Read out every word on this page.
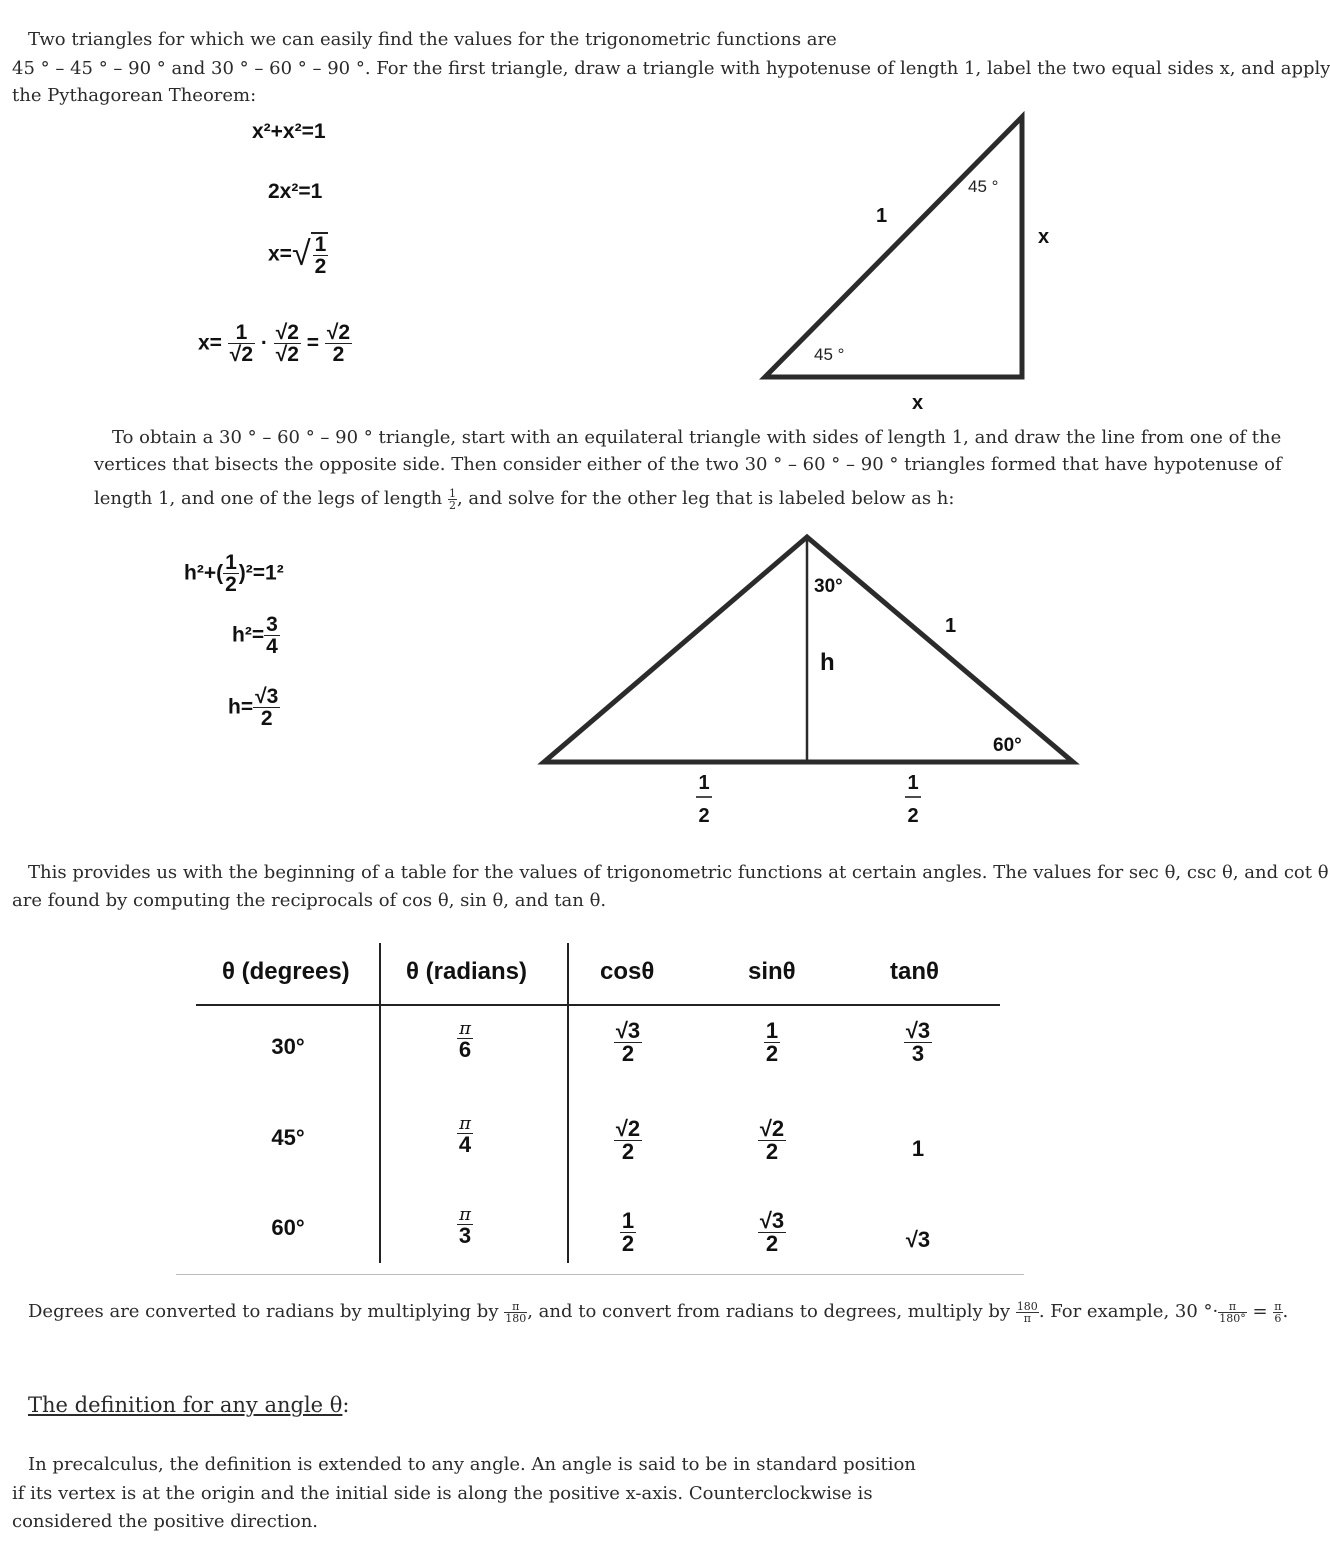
Two triangles for which we can easily find the values for the trigonometric functions are
45 ° – 45 ° – 90 ° and 30 ° – 60 ° – 90 °. For the first triangle, draw a triangle with hypotenuse of length 1, label the two equal sides x, and apply
the Pythagorean Theorem:
x²+x²=1
2x²=1
$x=√ \frac{1}{2}$
$x= \frac{1}{√2} \cdot \frac{√2}{√2} = \frac{√2}{2}$
1
45 °
45 °
x
x
To obtain a 30 ° – 60 ° – 90 ° triangle, start with an equilateral triangle with sides of length 1, and draw the line from one of the
vertices that bisects the opposite side. Then consider either of the two 30 ° – 60 ° – 90 ° triangles formed that have hypotenuse of
length 1, and one of the legs of length $\frac{1}{2}$ , and solve for the other leg that is labeled below as h:
$h^2+( \frac{1}{2} )^2=1^2$
$h^2= \frac{3}{4}$
$h= \frac{√3}{2}$
30°
h
1
60°
1
2
1
2
This provides us with the beginning of a table for the values of trigonometric functions at certain angles. The values for sec θ, csc θ, and cot θ
are found by computing the reciprocals of cos θ, sin θ, and tan θ.
θ (degrees) θ (radians)	cosθ	sinθ	tanθ
30°	$\frac{\pi}{6}$	$\frac{√3}{2}$	$\frac{1}{2}$	$\frac{√3}{3}$
45°	$\frac{\pi}{4}$	$\frac{√2}{2}$	$\frac{√2}{2}$	1
60°	$\frac{\pi}{3}$	$\frac{1}{2}$	$\frac{√3}{2}$	√3
Degrees are converted to radians by multiplying by $\frac{\pi}{180}$ , and to convert from radians to degrees, multiply by $\frac{180}{\pi}$ . For example, 30 °· $\frac{\pi}{180^\circ} = \frac{\pi}{6}$ .
The definition for any angle θ:
In precalculus, the definition is extended to any angle. An angle is said to be in standard position
if its vertex is at the origin and the initial side is along the positive x-axis. Counterclockwise is
considered the positive direction.
